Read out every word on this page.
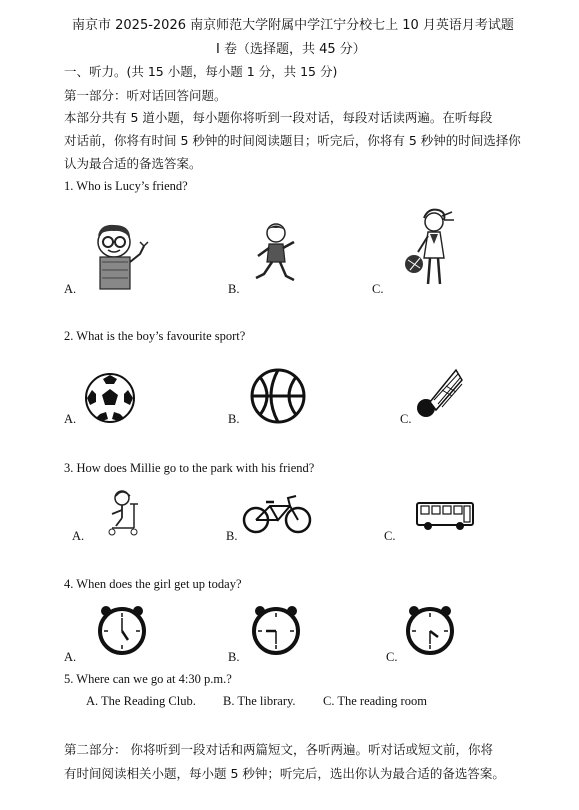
南京市 2025-2026 南京师范大学附属中学江宁分校七上 10 月英语月考试题
I 卷（选择题，共 45 分）
一、听力。(共 15 小题，每小题 1 分，共 15 分)
第一部分：听对话回答问题。
本部分共有 5 道小题，每小题你将听到一段对话，每段对话读两遍。在听每段
对话前，你将有时间 5 秒钟的时间阅读题目；听完后，你将有 5 秒钟的时间选择你
认为最合适的备选答案。
1. Who is Lucy’s friend?
A.	B.	C.
2. What is the boy’s favourite sport?
A.	B.	C.
3. How does Millie go to the park with his friend?
A.	B.	C.
4. When does the girl get up today?
A.	B.	C.
5. Where can we go at 4:30 p.m.?
A. The Reading Club. B. The library. C. The reading room
第二部分： 你将听到一段对话和两篇短文，各听两遍。听对话或短文前，你将
有时间阅读相关小题，每小题 5 秒钟；听完后，选出你认为最合适的备选答案。
